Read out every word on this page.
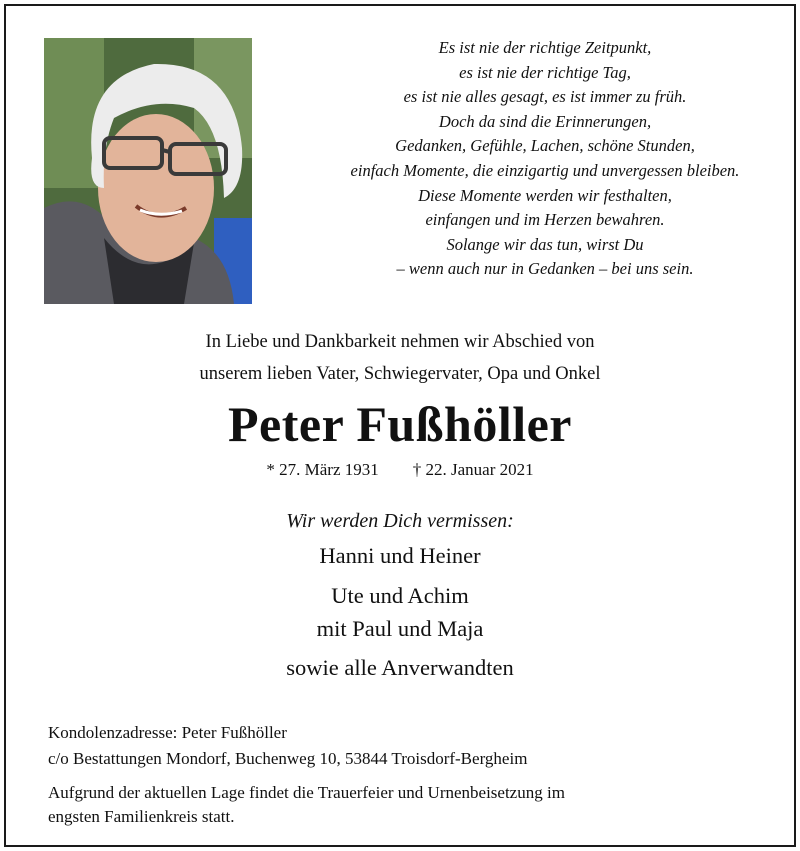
Es ist nie der richtige Zeitpunkt,
es ist nie der richtige Tag,
es ist nie alles gesagt, es ist immer zu früh.
Doch da sind die Erinnerungen,
Gedanken, Gefühle, Lachen, schöne Stunden,
einfach Momente, die einzigartig und unvergessen bleiben.
Diese Momente werden wir festhalten,
einfangen und im Herzen bewahren.
Solange wir das tun, wirst Du
– wenn auch nur in Gedanken – bei uns sein.
In Liebe und Dankbarkeit nehmen wir Abschied von
unserem lieben Vater, Schwiegervater, Opa und Onkel
Peter Fußhöller
* 27. März 1931 † 22. Januar 2021
Wir werden Dich vermissen:
Hanni und Heiner
Ute und Achim
mit Paul und Maja
sowie alle Anverwandten
Kondolenzadresse: Peter Fußhöller
c/o Bestattungen Mondorf, Buchenweg 10, 53844 Troisdorf-Bergheim
Aufgrund der aktuellen Lage findet die Trauerfeier und Urnenbeisetzung im
engsten Familienkreis statt.
